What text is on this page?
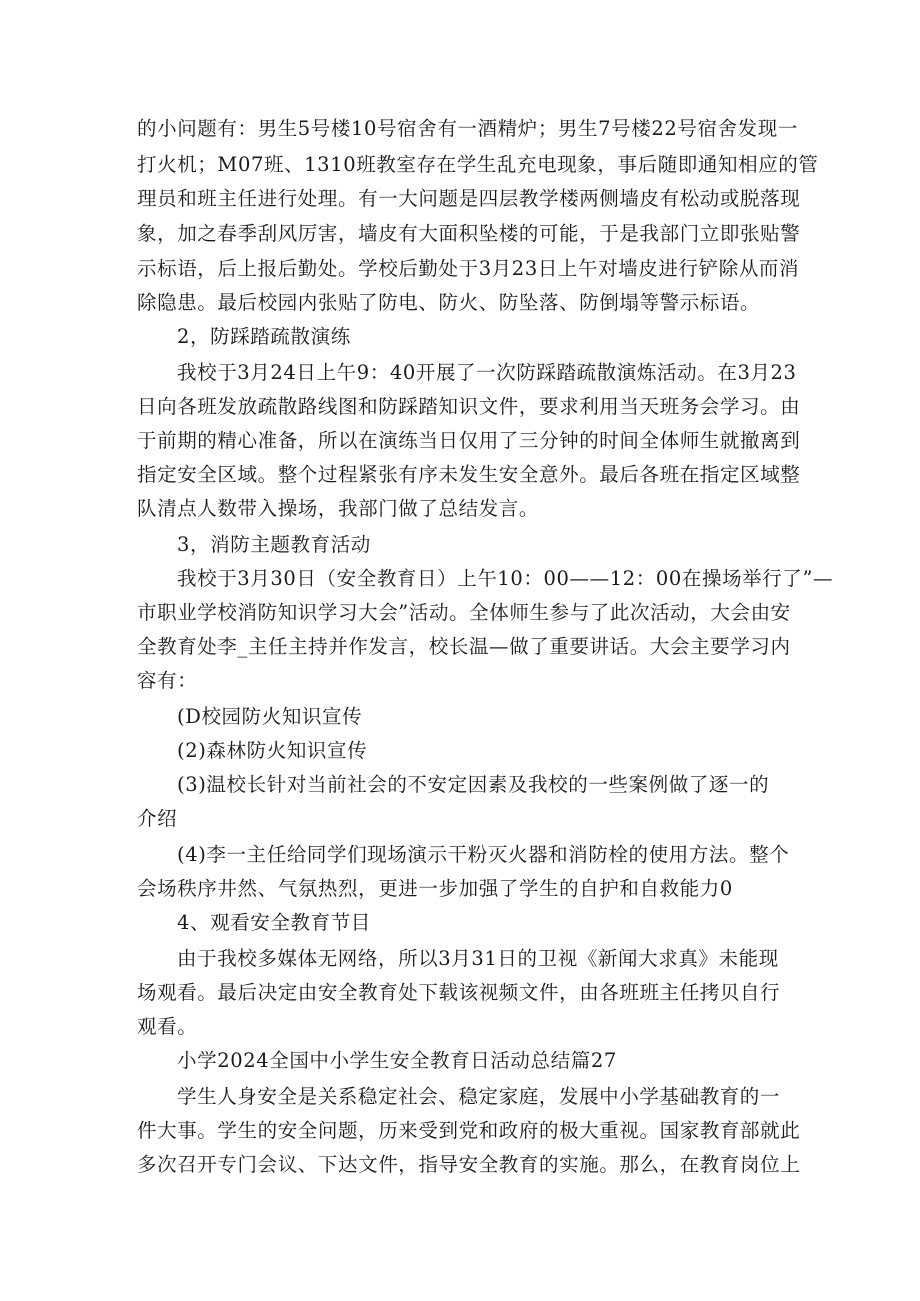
的小问题有：男生5号楼10号宿舍有一酒精炉；男生7号楼22号宿舍发现一

打火机；M07班、1310班教室存在学生乱充电现象，事后随即通知相应的管

理员和班主任进行处理。有一大问题是四层教学楼两侧墙皮有松动或脱落现

象，加之春季刮风厉害，墙皮有大面积坠楼的可能，于是我部门立即张贴警

示标语，后上报后勤处。学校后勤处于3月23日上午对墙皮进行铲除从而消

除隐患。最后校园内张贴了防电、防火、防坠落、防倒塌等警示标语。

2，防踩踏疏散演练

我校于3月24日上午9：40开展了一次防踩踏疏散演炼活动。在3月23

日向各班发放疏散路线图和防踩踏知识文件，要求利用当天班务会学习。由

于前期的精心准备，所以在演练当日仅用了三分钟的时间全体师生就撤离到

指定安全区域。整个过程紧张有序未发生安全意外。最后各班在指定区域整

队清点人数带入操场，我部门做了总结发言。

3，消防主题教育活动

我校于3月30日（安全教育日）上午10：00——12：00在操场举行了”—

市职业学校消防知识学习大会”活动。全体师生参与了此次活动，大会由安

全教育处李_主任主持并作发言，校长温—做了重要讲话。大会主要学习内

容有：

(D校园防火知识宣传

(2)森林防火知识宣传

(3)温校长针对当前社会的不安定因素及我校的一些案例做了逐一的

介绍

(4)李一主任给同学们现场演示干粉灭火器和消防栓的使用方法。整个

会场秩序井然、气氛热烈，更进一步加强了学生的自护和自救能力0

4、观看安全教育节目

由于我校多媒体无网络，所以3月31日的卫视《新闻大求真》未能现

场观看。最后决定由安全教育处下载该视频文件，由各班班主任拷贝自行

观看。

小学2024全国中小学生安全教育日活动总结篇27

学生人身安全是关系稳定社会、稳定家庭，发展中小学基础教育的一

件大事。学生的安全问题，历来受到党和政府的极大重视。国家教育部就此

多次召开专门会议、下达文件，指导安全教育的实施。那么，在教育岗位上
